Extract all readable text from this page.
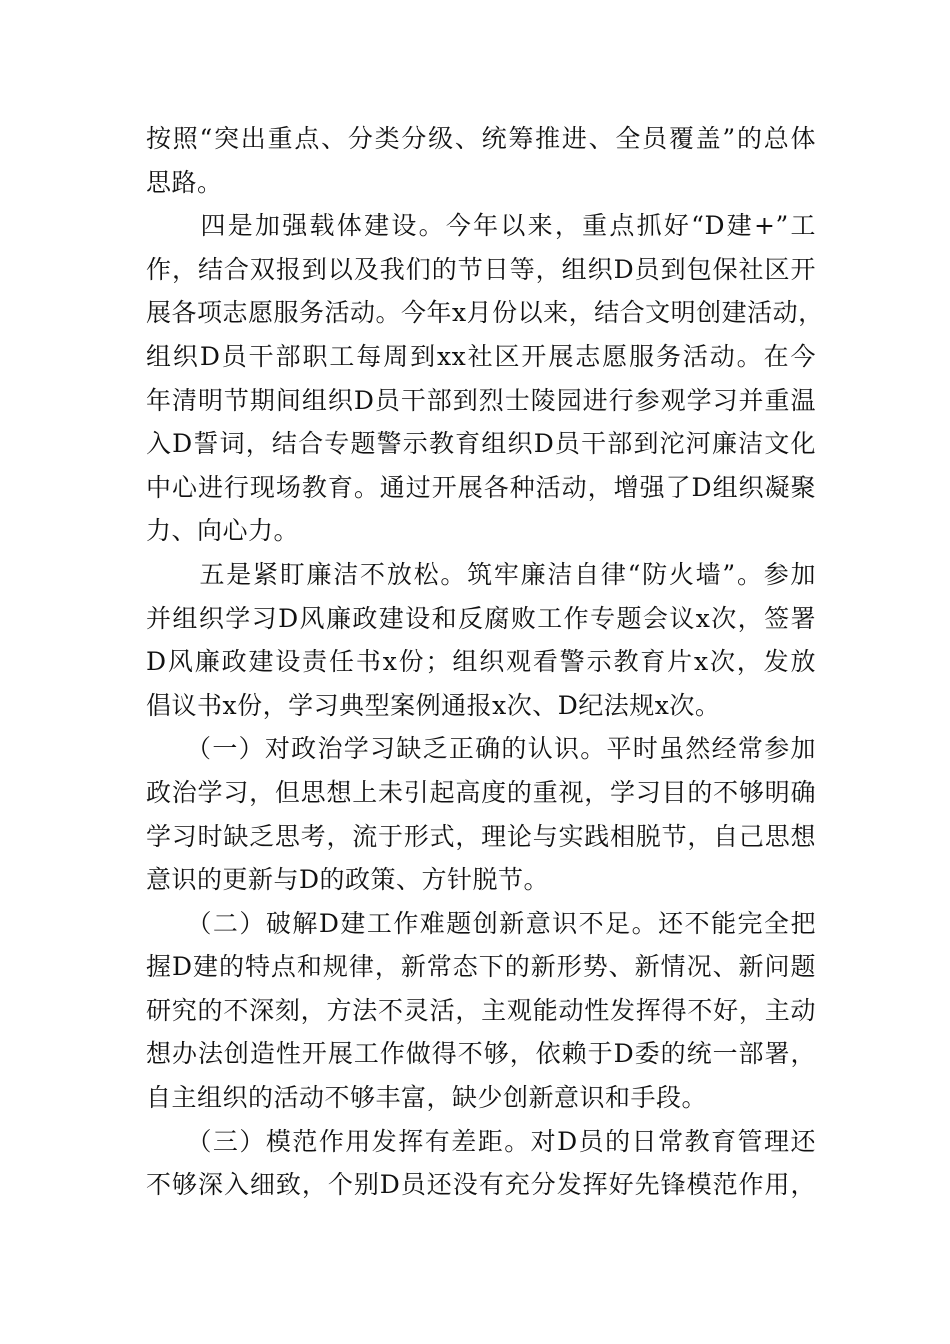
按照“突出重点、分类分级、统筹推进、全员覆盖”的总体
思路。
　　四是加强载体建设。今年以来，重点抓好“D建+”工
作，结合双报到以及我们的节日等，组织D员到包保社区开
展各项志愿服务活动。今年x月份以来，结合文明创建活动，
组织D员干部职工每周到xx社区开展志愿服务活动。在今
年清明节期间组织D员干部到烈士陵园进行参观学习并重温
入D誓词，结合专题警示教育组织D员干部到沱河廉洁文化
中心进行现场教育。通过开展各种活动，增强了D组织凝聚
力、向心力。
　　五是紧盯廉洁不放松。筑牢廉洁自律“防火墙”。参加
并组织学习D风廉政建设和反腐败工作专题会议x次，签署
D风廉政建设责任书x份；组织观看警示教育片x次，发放
倡议书x份，学习典型案例通报x次、D纪法规x次。
　　（一）对政治学习缺乏正确的认识。平时虽然经常参加
政治学习，但思想上未引起高度的重视，学习目的不够明确
学习时缺乏思考，流于形式，理论与实践相脱节，自己思想
意识的更新与D的政策、方针脱节。
　　（二）破解D建工作难题创新意识不足。还不能完全把
握D建的特点和规律，新常态下的新形势、新情况、新问题
研究的不深刻，方法不灵活，主观能动性发挥得不好，主动
想办法创造性开展工作做得不够，依赖于D委的统一部署，
自主组织的活动不够丰富，缺少创新意识和手段。
　　（三）模范作用发挥有差距。对D员的日常教育管理还
不够深入细致，个别D员还没有充分发挥好先锋模范作用，
